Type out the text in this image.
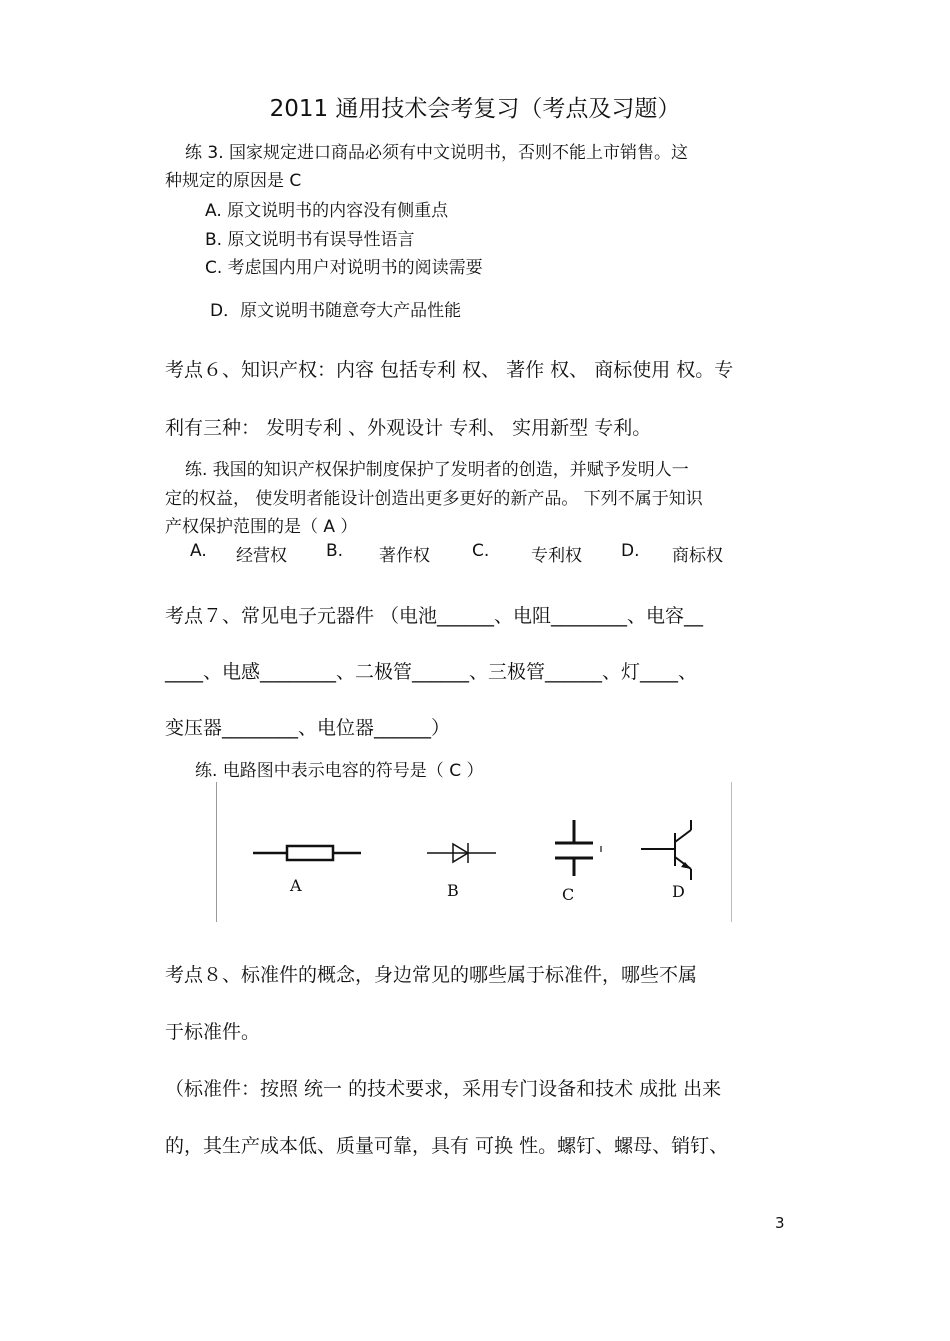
2011 通用技术会考复习（考点及习题）
练 3. 国家规定进口商品必须有中文说明书，否则不能上市销售。这
种规定的原因是 C
A. 原文说明书的内容没有侧重点
B. 原文说明书有误导性语言
C. 考虑国内用户对说明书的阅读需要
D．原文说明书随意夸大产品性能
考点６、知识产权：内容 包括专利 权、 著作 权、 商标使用 权。专
利有三种： 发明专利 、外观设计 专利、 实用新型 专利。
练. 我国的知识产权保护制度保护了发明者的创造，并赋予发明人一
定的权益， 使发明者能设计创造出更多更好的新产品。 下列不属于知识
产权保护范围的是（ A ）
A. 经营权 B. 著作权 C. 专利权 D. 商标权
考点７、常见电子元器件 （电池______、电阻________、电容__
____、电感________、二极管______、三极管______、灯____、
变压器________、电位器______）
练. 电路图中表示电容的符号是（ C ）
A	B	C	D
考点８、标准件的概念，身边常见的哪些属于标准件，哪些不属
于标准件。
（标准件：按照 统一 的技术要求，采用专门设备和技术 成批 出来
的，其生产成本低、质量可靠，具有 可换 性。螺钉、螺母、销钉、
3
